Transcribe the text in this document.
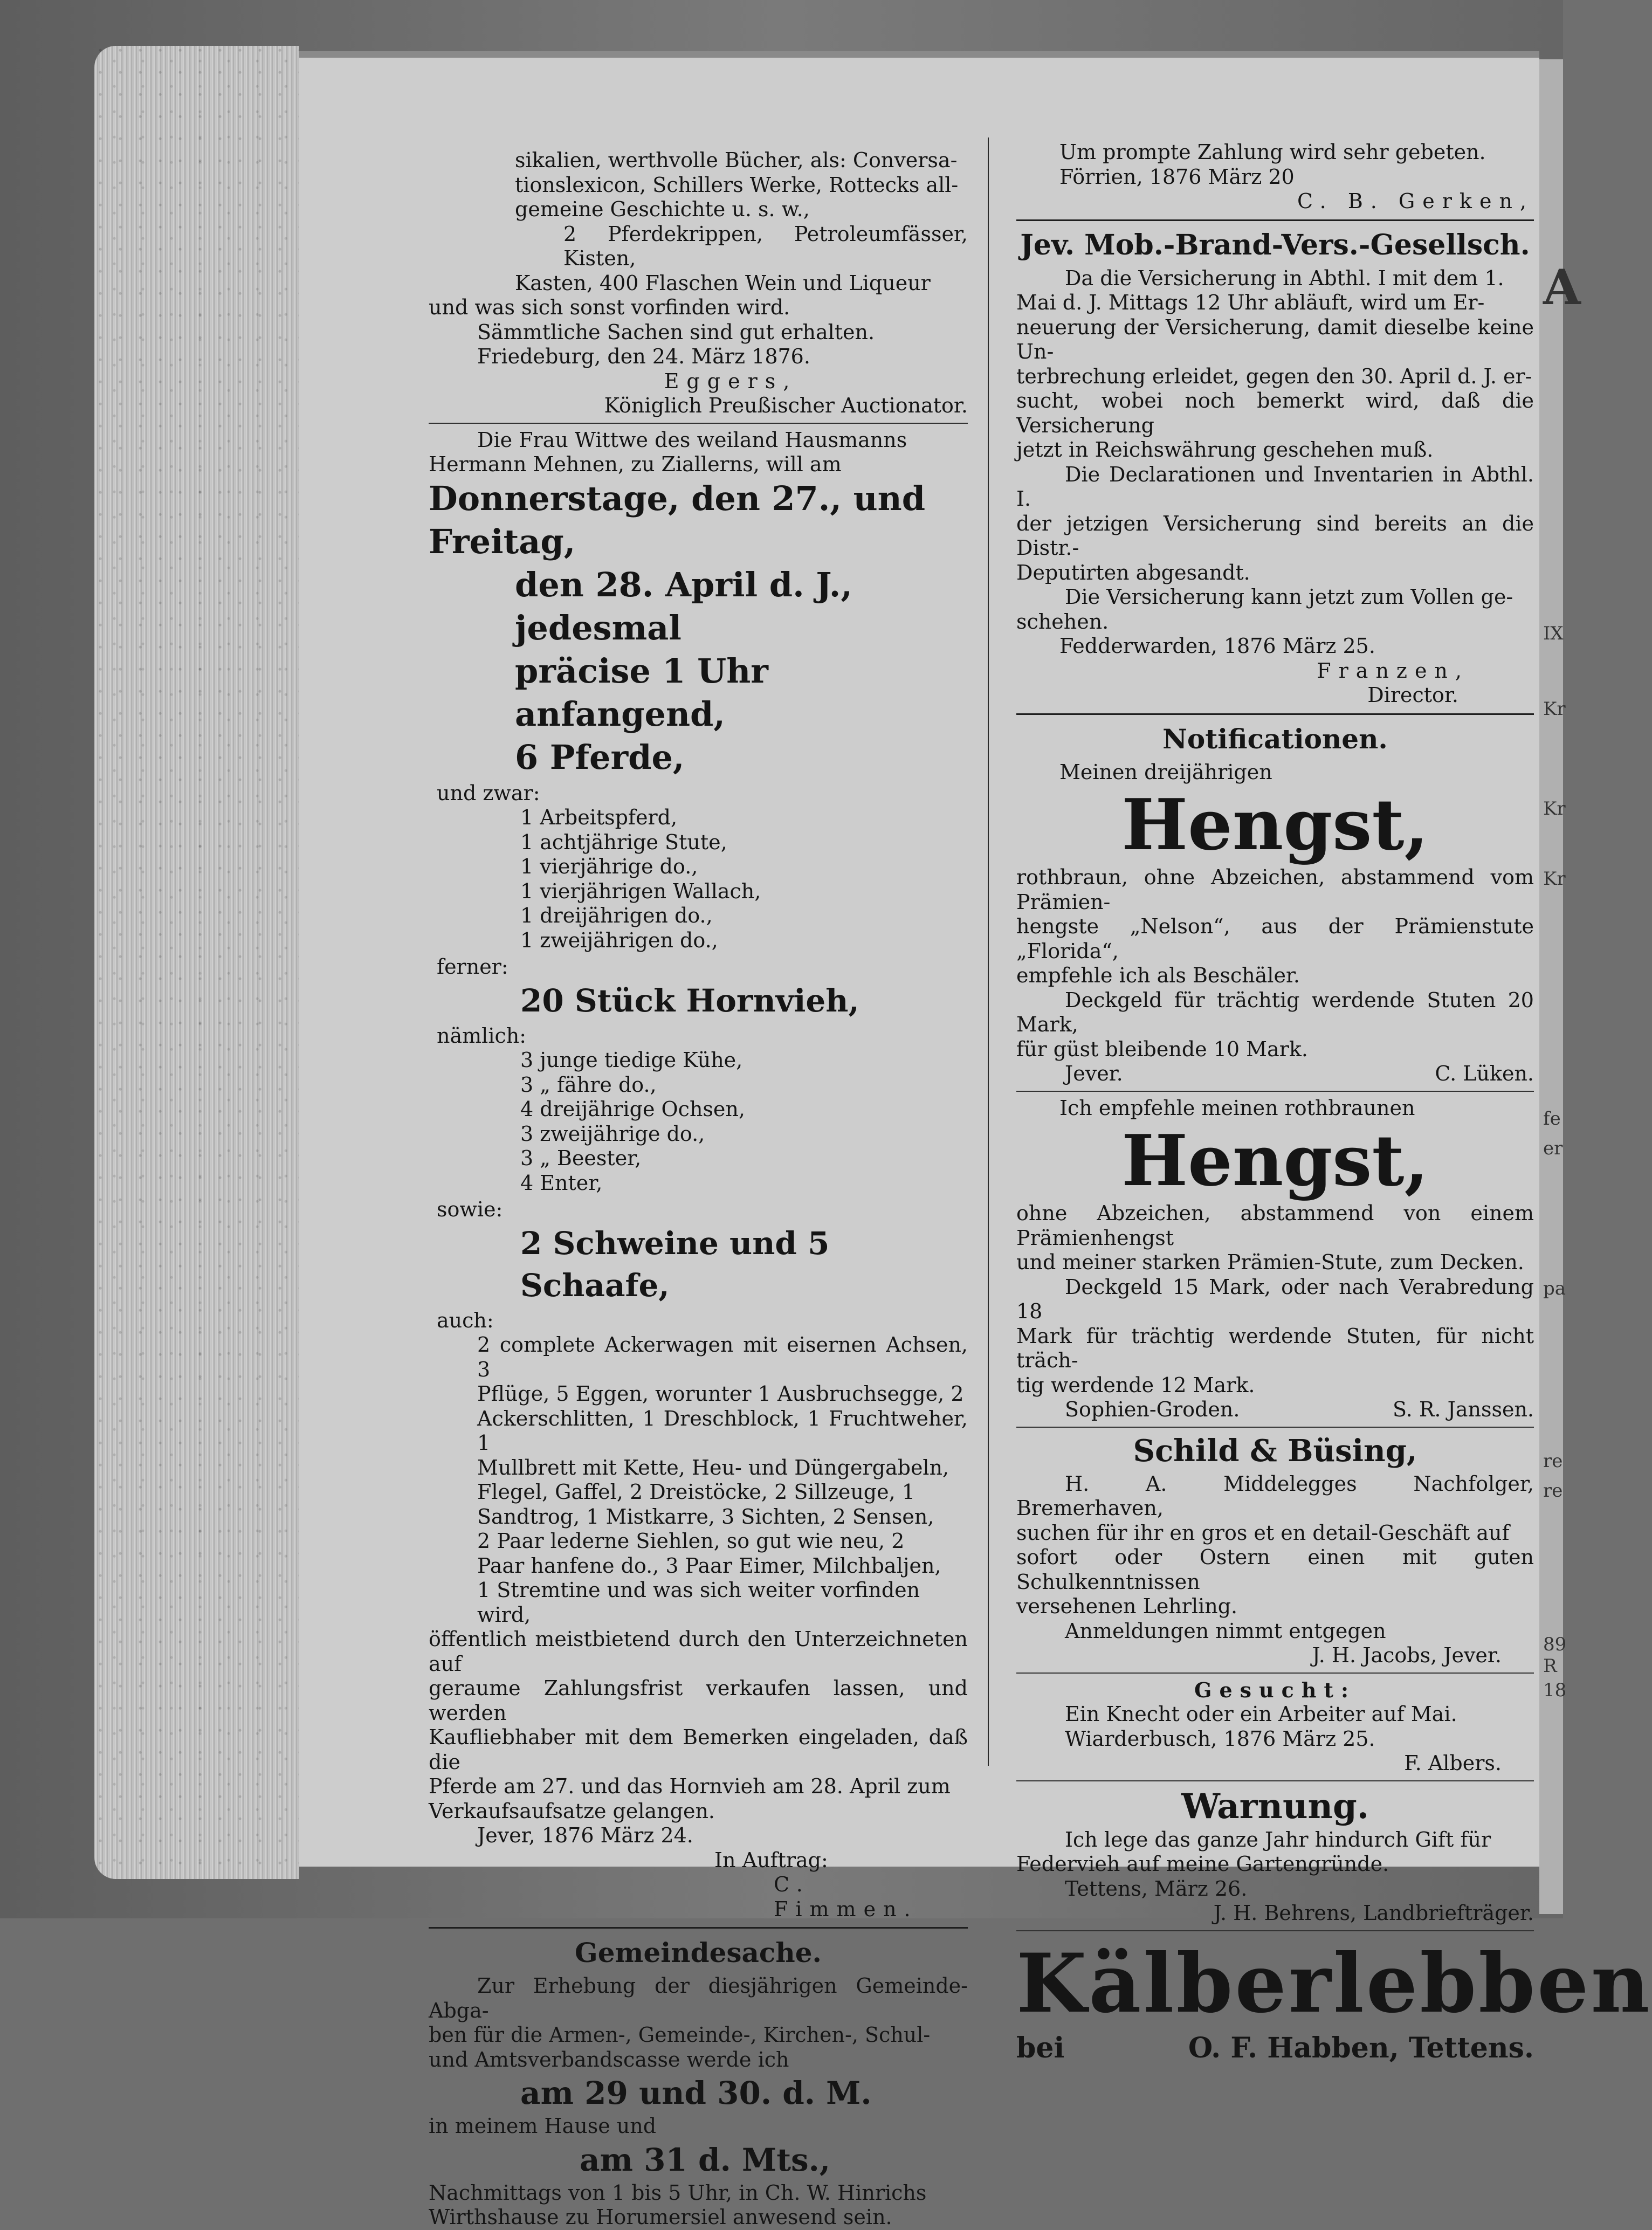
A
IX
Kr
Kr
Kr
fe
er
pa
re
re
89
R
18

sikalien, werthvolle Bücher, als: Conversa-

tionslexicon, Schillers Werke, Rottecks all-

gemeine Geschichte u. s. w.,

2 Pferdekrippen, Petroleumfässer, Kisten,

Kasten, 400 Flaschen Wein und Liqueur

und was sich sonst vorfinden wird.

Sämmtliche Sachen sind gut erhalten.

Friedeburg, den 24. März 1876.

Eggers,

Königlich Preußischer Auctionator.

Die Frau Wittwe des weiland Hausmanns

Hermann Mehnen, zu Ziallerns, will am

Donnerstage, den 27., und Freitag,

den 28. April d. J., jedesmal

präcise 1 Uhr anfangend,

6 Pferde,

und zwar:

1 Arbeitspferd,

1 achtjährige Stute,

1 vierjährige do.,

1 vierjährigen Wallach,

1 dreijährigen do.,

1 zweijährigen do.,

ferner:

20 Stück Hornvieh,

nämlich:

3 junge tiedige Kühe,

3 „ fähre do.,

4 dreijährige Ochsen,

3 zweijährige do.,

3 „ Beester,

4 Enter,

sowie:

2 Schweine und 5 Schaafe,

auch:

2 complete Ackerwagen mit eisernen Achsen, 3

Pflüge, 5 Eggen, worunter 1 Ausbruchsegge, 2

Ackerschlitten, 1 Dreschblock, 1 Fruchtweher, 1

Mullbrett mit Kette, Heu- und Düngergabeln,

Flegel, Gaffel, 2 Dreistöcke, 2 Sillzeuge, 1

Sandtrog, 1 Mistkarre, 3 Sichten, 2 Sensen,

2 Paar lederne Siehlen, so gut wie neu, 2

Paar hanfene do., 3 Paar Eimer, Milchbaljen,

1 Stremtine und was sich weiter vorfinden

wird,

öffentlich meistbietend durch den Unterzeichneten auf

geraume Zahlungsfrist verkaufen lassen, und werden

Kaufliebhaber mit dem Bemerken eingeladen, daß die

Pferde am 27. und das Hornvieh am 28. April zum

Verkaufsaufsatze gelangen.

Jever, 1876 März 24.

In Auftrag:

C. Fimmen.

Gemeindesache.

Zur Erhebung der diesjährigen Gemeinde-Abga-

ben für die Armen-, Gemeinde-, Kirchen-, Schul-

und Amtsverbandscasse werde ich

am 29 und 30. d. M.

in meinem Hause und

am 31 d. Mts.,

Nachmittags von 1 bis 5 Uhr, in Ch. W. Hinrichs

Wirthshause zu Horumersiel anwesend sein.

Um prompte Zahlung wird sehr gebeten.

Förrien, 1876 März 20

C. B. Gerken,

Jev. Mob.-Brand-Vers.-Gesellsch.

Da die Versicherung in Abthl. I mit dem 1.

Mai d. J. Mittags 12 Uhr abläuft, wird um Er-

neuerung der Versicherung, damit dieselbe keine Un-

terbrechung erleidet, gegen den 30. April d. J. er-

sucht, wobei noch bemerkt wird, daß die Versicherung

jetzt in Reichswährung geschehen muß.

Die Declarationen und Inventarien in Abthl. I.

der jetzigen Versicherung sind bereits an die Distr.-

Deputirten abgesandt.

Die Versicherung kann jetzt zum Vollen ge-

schehen.

Fedderwarden, 1876 März 25.

Franzen,

Director.

Notificationen.

Meinen dreijährigen

Hengst,

rothbraun, ohne Abzeichen, abstammend vom Prämien-

hengste „Nelson“, aus der Prämienstute „Florida“,

empfehle ich als Beschäler.

Deckgeld für trächtig werdende Stuten 20 Mark,

für güst bleibende 10 Mark.

Jever.	C. Lüken.

Ich empfehle meinen rothbraunen

Hengst,

ohne Abzeichen, abstammend von einem Prämienhengst

und meiner starken Prämien-Stute, zum Decken.

Deckgeld 15 Mark, oder nach Verabredung 18

Mark für trächtig werdende Stuten, für nicht träch-

tig werdende 12 Mark.

Sophien-Groden.	S. R. Janssen.

Schild & Büsing,

H. A. Middelegges Nachfolger, Bremerhaven,

suchen für ihr en gros et en detail-Geschäft auf

sofort oder Ostern einen mit guten Schulkenntnissen

versehenen Lehrling.

Anmeldungen nimmt entgegen

J. H. Jacobs, Jever.

Gesucht:

Ein Knecht oder ein Arbeiter auf Mai.

Wiarderbusch, 1876 März 25.

F. Albers.

Warnung.

Ich lege das ganze Jahr hindurch Gift für

Federvieh auf meine Gartengründe.

Tettens, März 26.

J. H. Behrens, Landbriefträger.

Kälberlebben

bei	O. F. Habben, Tettens.
